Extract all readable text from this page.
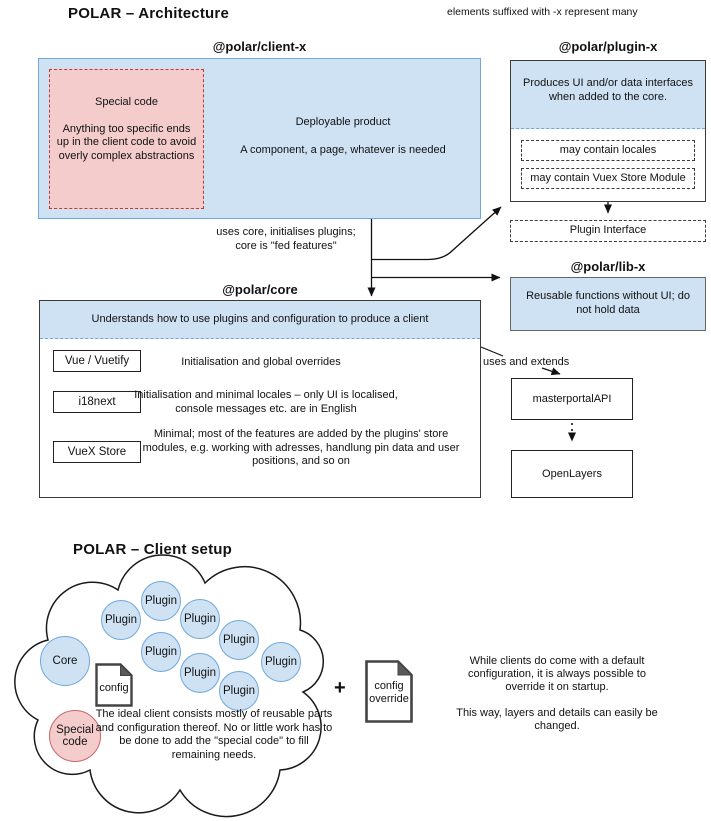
POLAR – Architecture	elements suffixed with -x represent many
@polar/client-x
Special code
Anything too specific ends up in the client code to avoid overly complex abstractions
Deployable product
A component, a page, whatever is needed
@polar/plugin-x
Produces UI and/or data interfaces when added to the core.
may contain locales
may contain Vuex Store Module
Plugin Interface
uses core, initialises plugins; core is "fed features"
@polar/lib-x
Reusable functions without UI; do not hold data
@polar/core
Understands how to use plugins and configuration to produce a client
Vue / Vuetify	Initialisation and global overrides
i18next
Initialisation and minimal locales – only UI is localised, console messages etc. are in English
VueX Store
Minimal; most of the features are added by the plugins' store modules, e.g. working with adresses, handlung pin data and user positions, and so on
uses and extends
masterportalAPI
OpenLayers
POLAR – Client setup
Core
Plugin
Plugin	Plugin
Plugin
Plugin
Plugin
Plugin
Plugin
Special code
config
The ideal client consists mostly of reusable parts and configuration thereof. No or little work has to be done to add the "special code" to fill remaining needs.
+	config override
While clients do come with a default configuration, it is always possible to override it on startup.
This way, layers and details can easily be changed.
